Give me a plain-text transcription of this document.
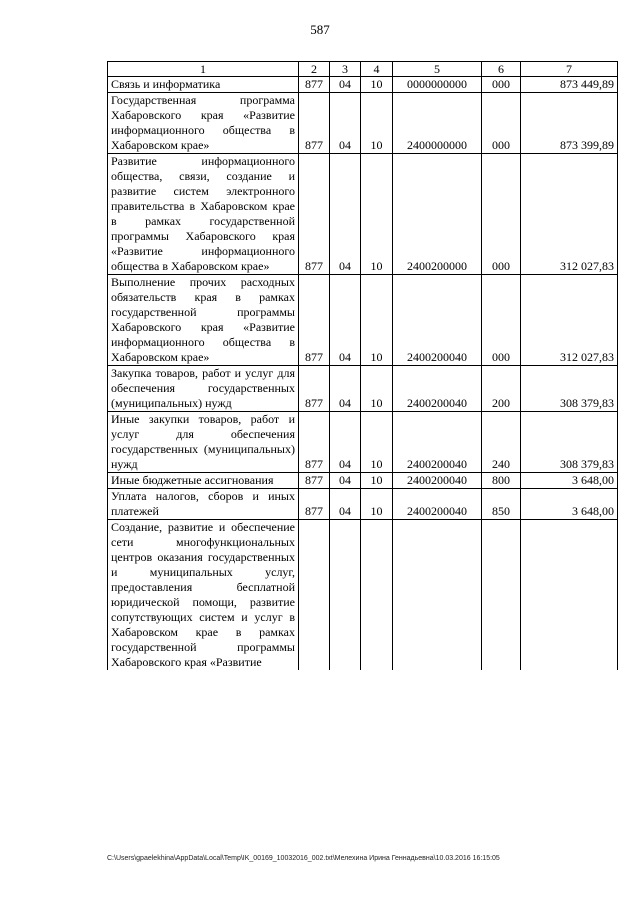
587
1	2	3	4	5	6	7
Связь и информатика	877	04	10	0000000000	000	873 449,89
Государственная программа Хабаровского края «Развитие информационного общества в Хабаровском крае»	877	04	10	2400000000	000	873 399,89
Развитие информационного общества, связи, создание и развитие систем электронного правительства в Хабаровском крае в рамках государственной программы Хабаровского края «Развитие информационного общества в Хабаровском крае»	877	04	10	2400200000	000	312 027,83
Выполнение прочих расходных обязательств края в рамках государственной программы Хабаровского края «Развитие информационного общества в Хабаровском крае»	877	04	10	2400200040	000	312 027,83
Закупка товаров, работ и услуг для обеспечения государственных (муниципальных) нужд	877	04	10	2400200040	200	308 379,83
Иные закупки товаров, работ и услуг для обеспечения государственных (муниципальных) нужд	877	04	10	2400200040	240	308 379,83
Иные бюджетные ассигнования	877	04	10	2400200040	800	3 648,00
Уплата налогов, сборов и иных платежей	877	04	10	2400200040	850	3 648,00
Создание, развитие и обеспечение сети многофункциональных центров оказания государственных и муниципальных услуг, предоставления бесплатной юридической помощи, развитие сопутствующих систем и услуг в Хабаровском крае в рамках государственной программы Хабаровского края «Развитие						
C:\Users\gpaelekhina\AppData\Local\Temp\IK_00169_10032016_002.txt\Мелехина Ирина Геннадьевна\10.03.2016 16:15:05
